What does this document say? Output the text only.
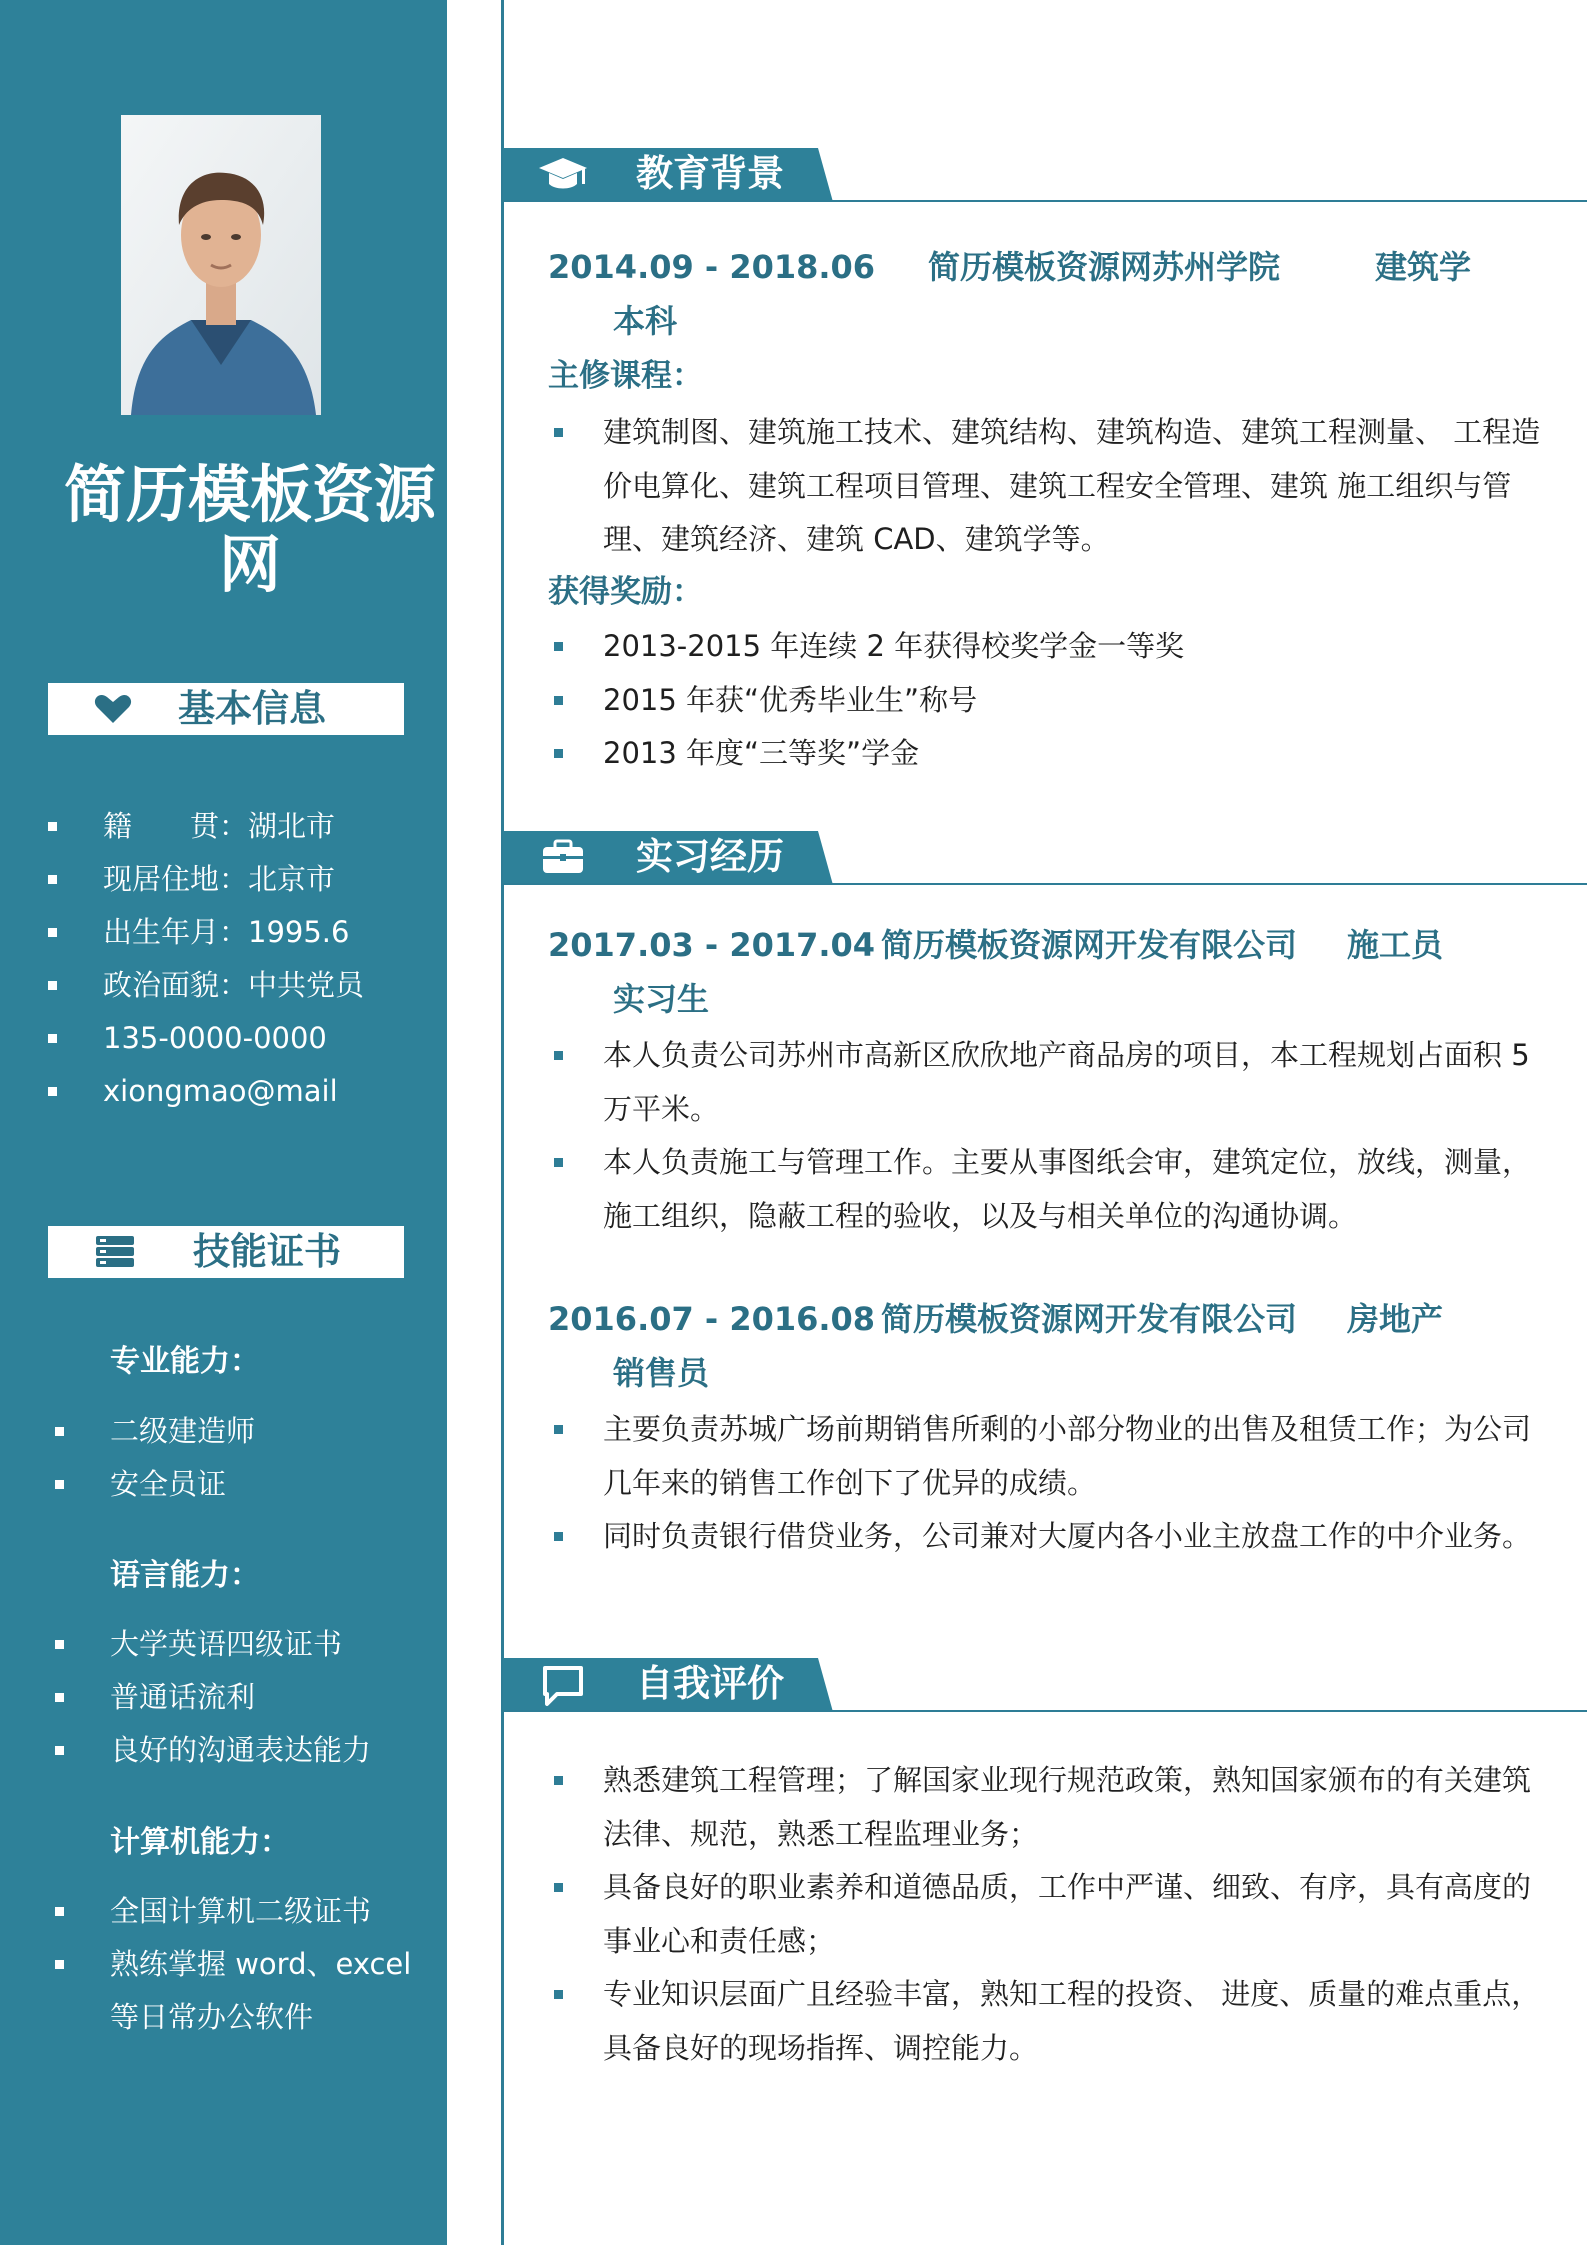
简历模板资源网
基本信息
籍　　贯：湖北市
现居住地：北京市
出生年月：1995.6
政治面貌：中共党员
135-0000-0000
xiongmao@mail
技能证书
专业能力：
二级建造师
安全员证
语言能力：
大学英语四级证书
普通话流利
良好的沟通表达能力
计算机能力：
全国计算机二级证书
熟练掌握 word、excel 等日常办公软件
教育背景
2014.09 - 2018.06 简历模板资源网苏州学院	建筑学
本科
主修课程：
建筑制图、建筑施工技术、建筑结构、建筑构造、建筑工程测量、 工程造价电算化、建筑工程项目管理、建筑工程安全管理、建筑 施工组织与管理、建筑经济、建筑 CAD、建筑学等。
获得奖励：
2013-2015 年连续 2 年获得校奖学金一等奖
2015 年获“优秀毕业生”称号
2013 年度“三等奖”学金
实习经历
2017.03 - 2017.04 简历模板资源网开发有限公司 施工员
实习生
本人负责公司苏州市高新区欣欣地产商品房的项目，本工程规划占面积 5 万平米。
本人负责施工与管理工作。主要从事图纸会审，建筑定位，放线，测量，施工组织，隐蔽工程的验收，以及与相关单位的沟通协调。
2016.07 - 2016.08 简历模板资源网开发有限公司 房地产
销售员
主要负责苏城广场前期销售所剩的小部分物业的出售及租赁工作；为公司几年来的销售工作创下了优异的成绩。
同时负责银行借贷业务，公司兼对大厦内各小业主放盘工作的中介业务。
自我评价
熟悉建筑工程管理；了解国家业现行规范政策，熟知国家颁布的有关建筑法律、规范，熟悉工程监理业务；
具备良好的职业素养和道德品质，工作中严谨、细致、有序，具有高度的事业心和责任感；
专业知识层面广且经验丰富，熟知工程的投资、 进度、质量的难点重点，具备良好的现场指挥、调控能力。
